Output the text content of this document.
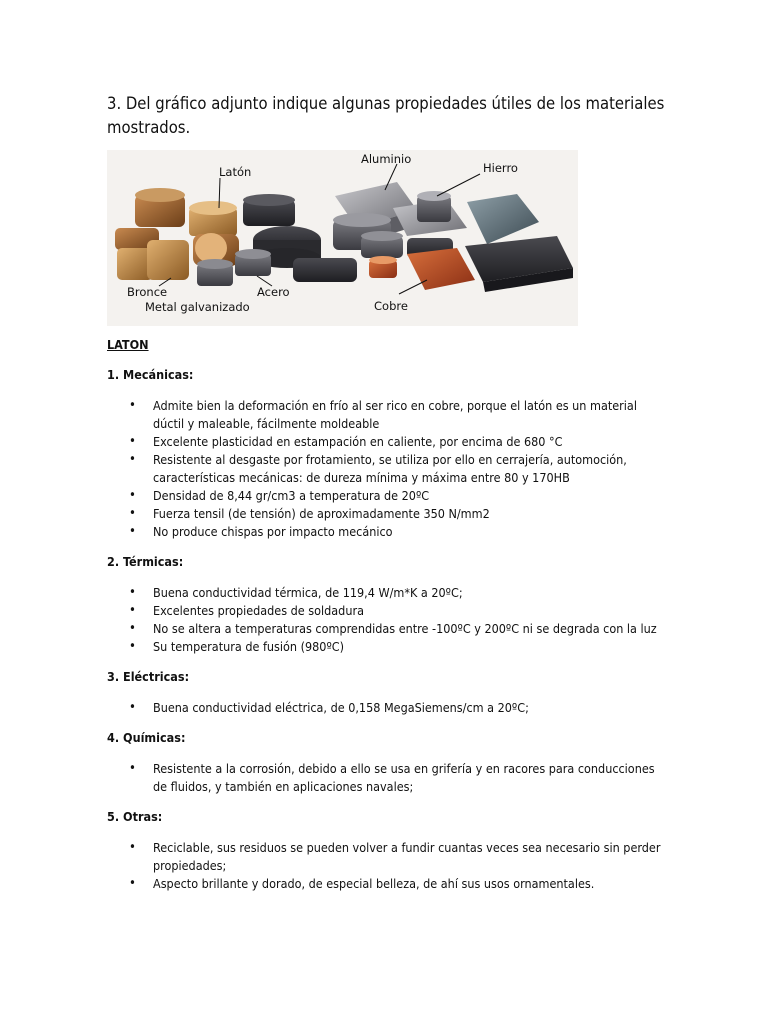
3. Del gráfico adjunto indique algunas propiedades útiles de los materiales mostrados.

Latón
Aluminio
Hierro
Bronce	Acero
Metal galvanizado	Cobre

LATON

1. Mecánicas:

• Admite bien la deformación en frío al ser rico en cobre, porque el latón es un material dúctil y maleable, fácilmente moldeable
• Excelente plasticidad en estampación en caliente, por encima de 680 °C
• Resistente al desgaste por frotamiento, se utiliza por ello en cerrajería, automoción, características mecánicas: de dureza mínima y máxima entre 80 y 170HB
• Densidad de 8,44 gr/cm3 a temperatura de 20ºC
• Fuerza tensil (de tensión) de aproximadamente 350 N/mm2
• No produce chispas por impacto mecánico

2. Térmicas:

• Buena conductividad térmica, de 119,4 W/m*K a 20ºC;
• Excelentes propiedades de soldadura
• No se altera a temperaturas comprendidas entre -100ºC y 200ºC ni se degrada con la luz
• Su temperatura de fusión (980ºC)

3. Eléctricas:

• Buena conductividad eléctrica, de 0,158 MegaSiemens/cm a 20ºC;

4. Químicas:

• Resistente a la corrosión, debido a ello se usa en grifería y en racores para conducciones de fluidos, y también en aplicaciones navales;

5. Otras:

• Reciclable, sus residuos se pueden volver a fundir cuantas veces sea necesario sin perder propiedades;
• Aspecto brillante y dorado, de especial belleza, de ahí sus usos ornamentales.
